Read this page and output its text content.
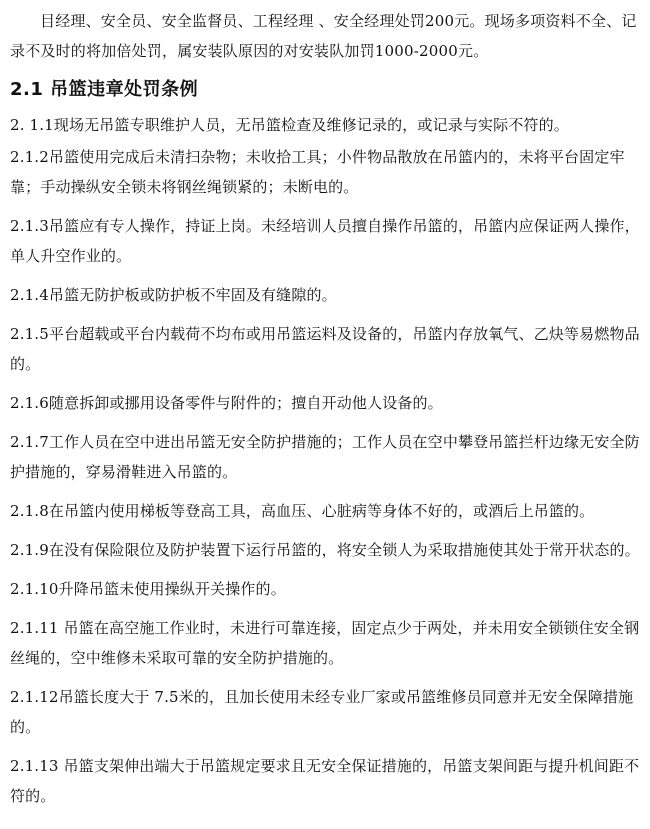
目经理、安全员、安全监督员、工程经理 、安全经理处罚200元。现场多项资料不全、记录不及时的将加倍处罚，属安装队原因的对安装队加罚1000-2000元。

2.1 吊篮违章处罚条例
2. 1.1现场无吊篮专职维护人员，无吊篮检查及维修记录的，或记录与实际不符的。
2.1.2吊篮使用完成后未清扫杂物；未收拾工具；小件物品散放在吊篮内的，未将平台固定牢靠；手动操纵安全锁未将钢丝绳锁紧的；未断电的。
2.1.3吊篮应有专人操作，持证上岗。未经培训人员擅自操作吊篮的，吊篮内应保证两人操作，单人升空作业的。
2.1.4吊篮无防护板或防护板不牢固及有缝隙的。
2.1.5平台超载或平台内载荷不均布或用吊篮运料及设备的，吊篮内存放氧气、乙炔等易燃物品的。
2.1.6随意拆卸或挪用设备零件与附件的；擅自开动他人设备的。
2.1.7工作人员在空中进出吊篮无安全防护措施的；工作人员在空中攀登吊篮拦杆边缘无安全防护措施的，穿易滑鞋进入吊篮的。
2.1.8在吊篮内使用梯板等登高工具，高血压、心脏病等身体不好的，或酒后上吊篮的。
2.1.9在没有保险限位及防护装置下运行吊篮的，将安全锁人为采取措施使其处于常开状态的。
2.1.10升降吊篮未使用操纵开关操作的。
2.1.11 吊篮在高空施工作业时，未进行可靠连接，固定点少于两处，并未用安全锁锁住安全钢丝绳的，空中维修未采取可靠的安全防护措施的。
2.1.12吊篮长度大于 7.5米的，且加长使用未经专业厂家或吊篮维修员同意并无安全保障措施的。
2.1.13 吊篮支架伸出端大于吊篮规定要求且无安全保证措施的，吊篮支架间距与提升机间距不符的。
